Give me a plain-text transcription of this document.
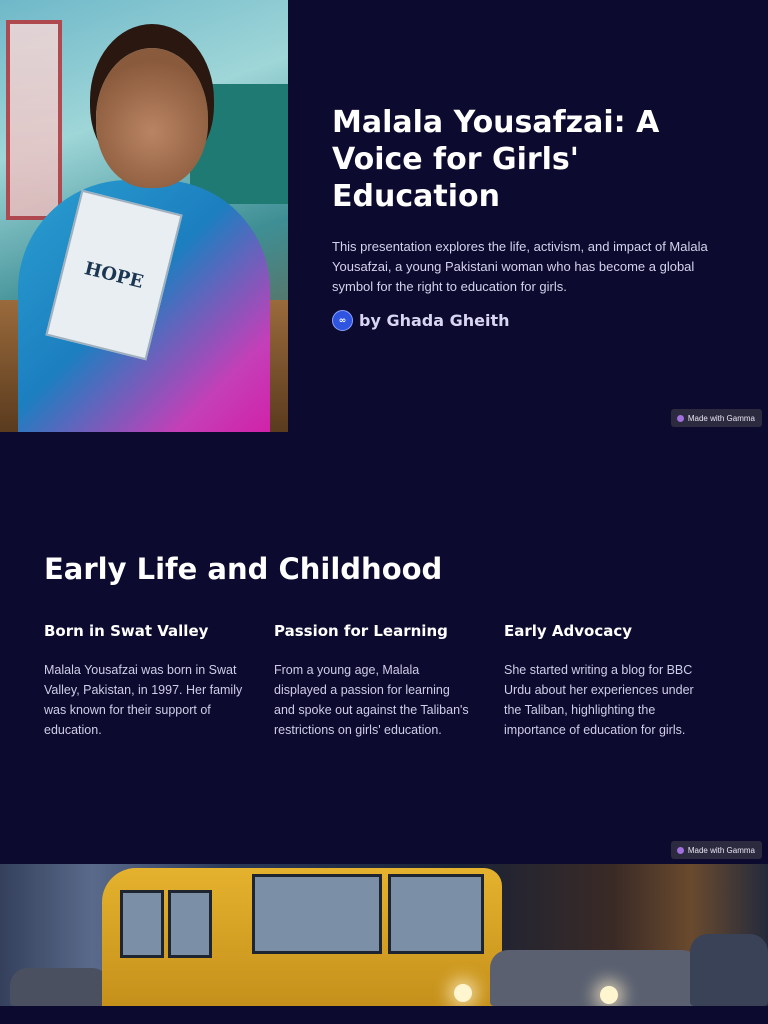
HOPE
Malala Yousafzai: A Voice for Girls' Education

This presentation explores the life, activism, and impact of Malala Yousafzai, a young Pakistani woman who has become a global symbol for the right to education for girls.

∞ by Ghada Gheith
Made with Gamma
Early Life and Childhood
Born in Swat Valley

Malala Yousafzai was born in Swat Valley, Pakistan, in 1997. Her family was known for their support of education.

Passion for Learning

From a young age, Malala displayed a passion for learning and spoke out against the Taliban's restrictions on girls' education.

Early Advocacy

She started writing a blog for BBC Urdu about her experiences under the Taliban, highlighting the importance of education for girls.

Made with Gamma
